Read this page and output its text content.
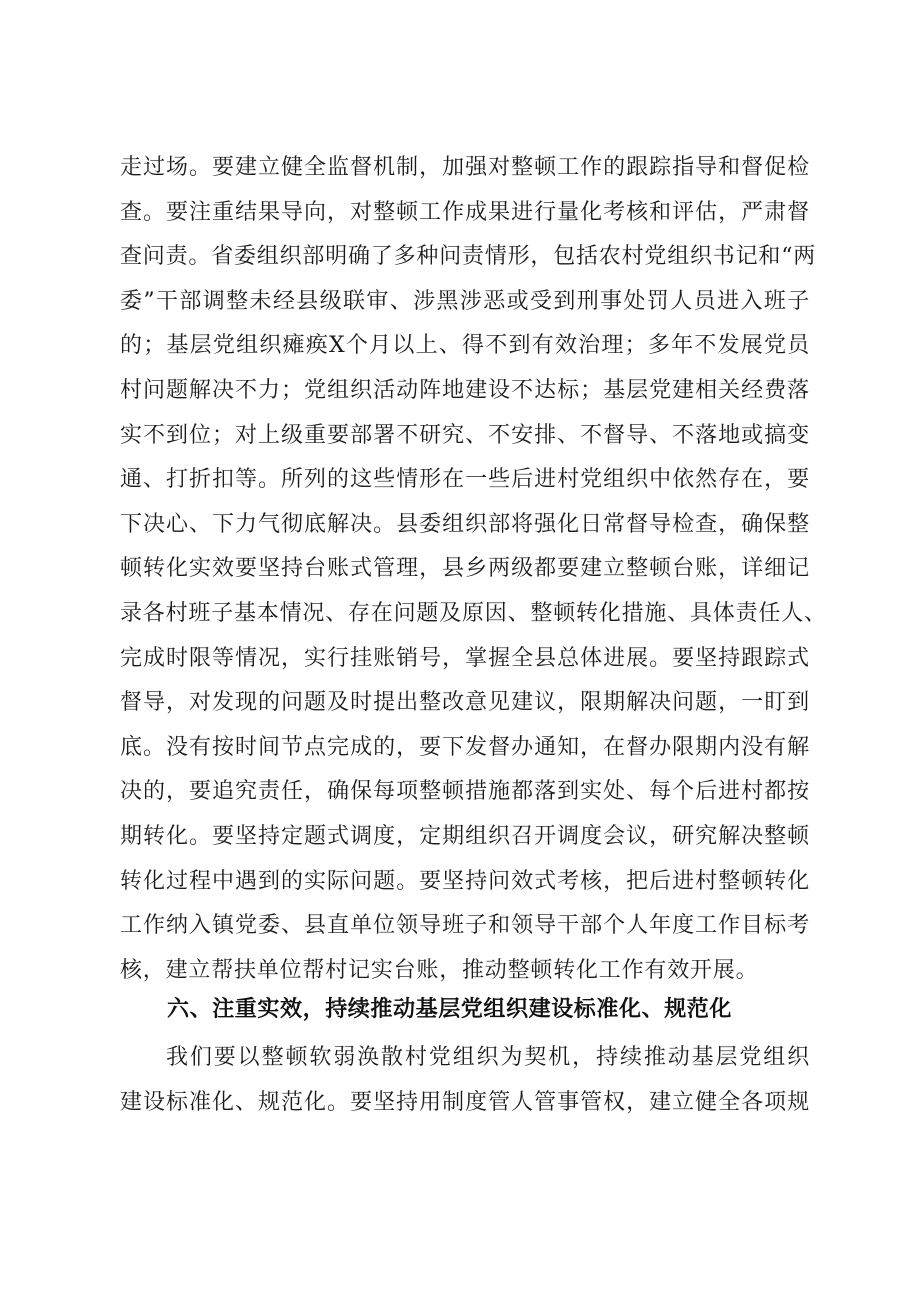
走过场。要建立健全监督机制，加强对整顿工作的跟踪指导和督促检
查。要注重结果导向，对整顿工作成果进行量化考核和评估，严肃督
查问责。省委组织部明确了多种问责情形，包括农村党组织书记和“两
委”干部调整未经县级联审、涉黑涉恶或受到刑事处罚人员进入班子
的；基层党组织瘫痪X个月以上、得不到有效治理；多年不发展党员
村问题解决不力；党组织活动阵地建设不达标；基层党建相关经费落
实不到位；对上级重要部署不研究、不安排、不督导、不落地或搞变
通、打折扣等。所列的这些情形在一些后进村党组织中依然存在，要
下决心、下力气彻底解决。县委组织部将强化日常督导检查，确保整
顿转化实效要坚持台账式管理，县乡两级都要建立整顿台账，详细记
录各村班子基本情况、存在问题及原因、整顿转化措施、具体责任人、
完成时限等情况，实行挂账销号，掌握全县总体进展。要坚持跟踪式
督导，对发现的问题及时提出整改意见建议，限期解决问题，一盯到
底。没有按时间节点完成的，要下发督办通知，在督办限期内没有解
决的，要追究责任，确保每项整顿措施都落到实处、每个后进村都按
期转化。要坚持定题式调度，定期组织召开调度会议，研究解决整顿
转化过程中遇到的实际问题。要坚持问效式考核，把后进村整顿转化
工作纳入镇党委、县直单位领导班子和领导干部个人年度工作目标考
核，建立帮扶单位帮村记实台账，推动整顿转化工作有效开展。
六、注重实效，持续推动基层党组织建设标准化、规范化
我们要以整顿软弱涣散村党组织为契机，持续推动基层党组织
建设标准化、规范化。要坚持用制度管人管事管权，建立健全各项规
